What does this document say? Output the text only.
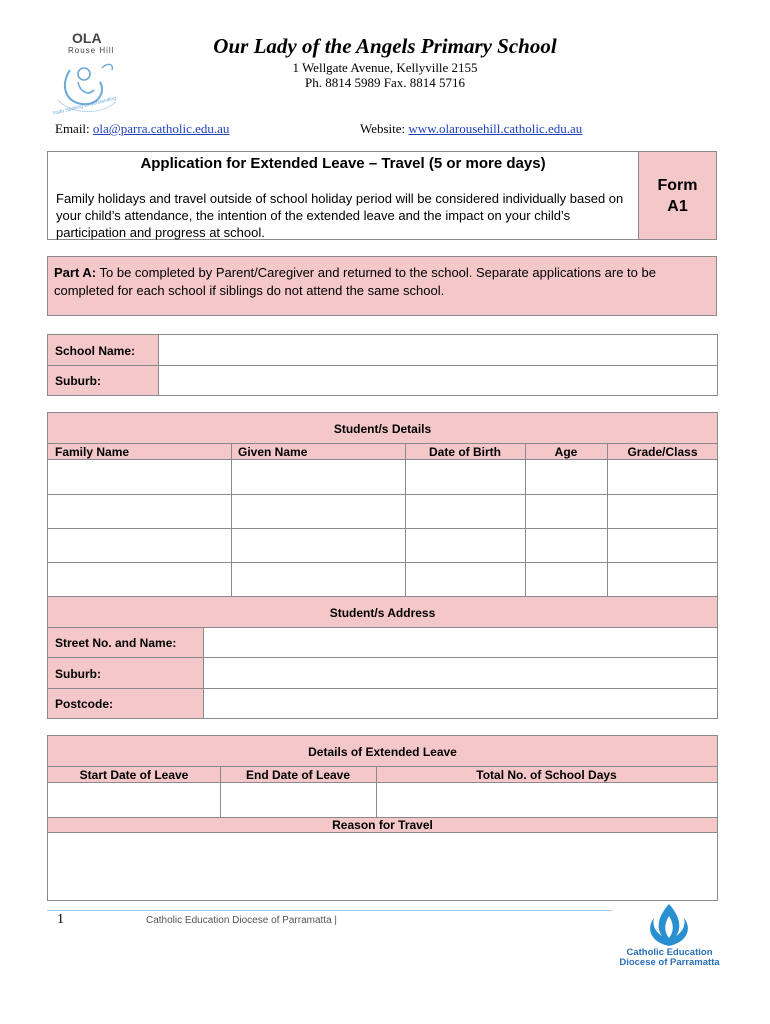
OLA
Rouse Hill
Faith Seeking Understanding
Our Lady of the Angels Primary School
1 Wellgate Avenue, Kellyville 2155
Ph. 8814 5989 Fax. 8814 5716
Email: ola@parra.catholic.edu.au	Website: www.olarousehill.catholic.edu.au
Application for Extended Leave – Travel (5 or more days)
Family holidays and travel outside of school holiday period will be considered individually based on your child’s attendance, the intention of the extended leave and the impact on your child’s participation and progress at school.
Form
A1
Part A: To be completed by Parent/Caregiver and returned to the school. Separate applications are to be completed for each school if siblings do not attend the same school.
School Name:
Suburb:
Student/s Details
Family Name	Given Name	Date of Birth	Age	Grade/Class
Student/s Address
Street No. and Name:
Suburb:
Postcode:
Details of Extended Leave
Start Date of Leave	End Date of Leave	Total No. of School Days
Reason for Travel
1	Catholic Education Diocese of Parramatta |
Catholic Education
Diocese of Parramatta
